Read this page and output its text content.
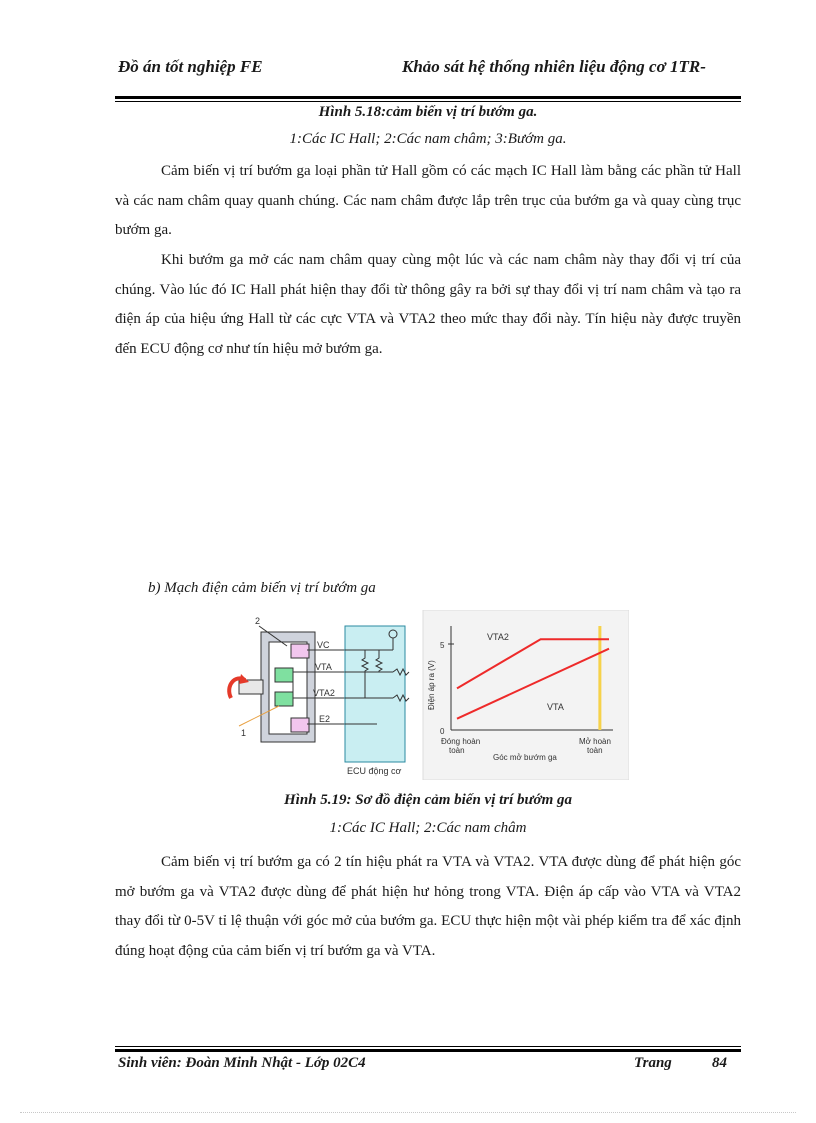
Đồ án tốt nghiệp FE	Khảo sát hệ thống nhiên liệu động cơ 1TR-
Hình 5.18:cảm biến vị trí bướm ga.
1:Các IC Hall; 2:Các nam châm; 3:Bướm ga.
Cảm biến vị trí bướm ga loại phần tử Hall gồm có các mạch IC Hall làm bằng các phần tử Hall và các nam châm quay quanh chúng. Các nam châm được lắp trên trục của bướm ga và quay cùng trục bướm ga.
Khi bướm ga mở các nam châm quay cùng một lúc và các nam châm này thay đổi vị trí của chúng. Vào lúc đó IC Hall phát hiện thay đổi từ thông gây ra bởi sự thay đổi vị trí nam châm và tạo ra điện áp của hiệu ứng Hall từ các cực VTA và VTA2 theo mức thay đổi này. Tín hiệu này được truyền đến ECU động cơ như tín hiệu mở bướm ga.
b) Mạch điện cảm biến vị trí bướm ga
2
1
VC
VTA
VTA2
E2
ECU động cơ
5
0
Điện áp ra (V)
VTA2
VTA
Đóng hoàn toàn
Mở hoàn toàn
Góc mở bướm ga
Hình 5.19: Sơ đồ điện cảm biến vị trí bướm ga
1:Các IC Hall; 2:Các nam châm
Cảm biến vị trí bướm ga có 2 tín hiệu phát ra VTA và VTA2. VTA được dùng để phát hiện góc mở bướm ga và VTA2 được dùng để phát hiện hư hỏng trong VTA. Điện áp cấp vào VTA và VTA2 thay đổi từ 0-5V tỉ lệ thuận với góc mở của bướm ga. ECU thực hiện một vài phép kiểm tra để xác định đúng hoạt động của cảm biến vị trí bướm ga và VTA.
Sinh viên: Đoàn Minh Nhật - Lớp 02C4	Trang	84
